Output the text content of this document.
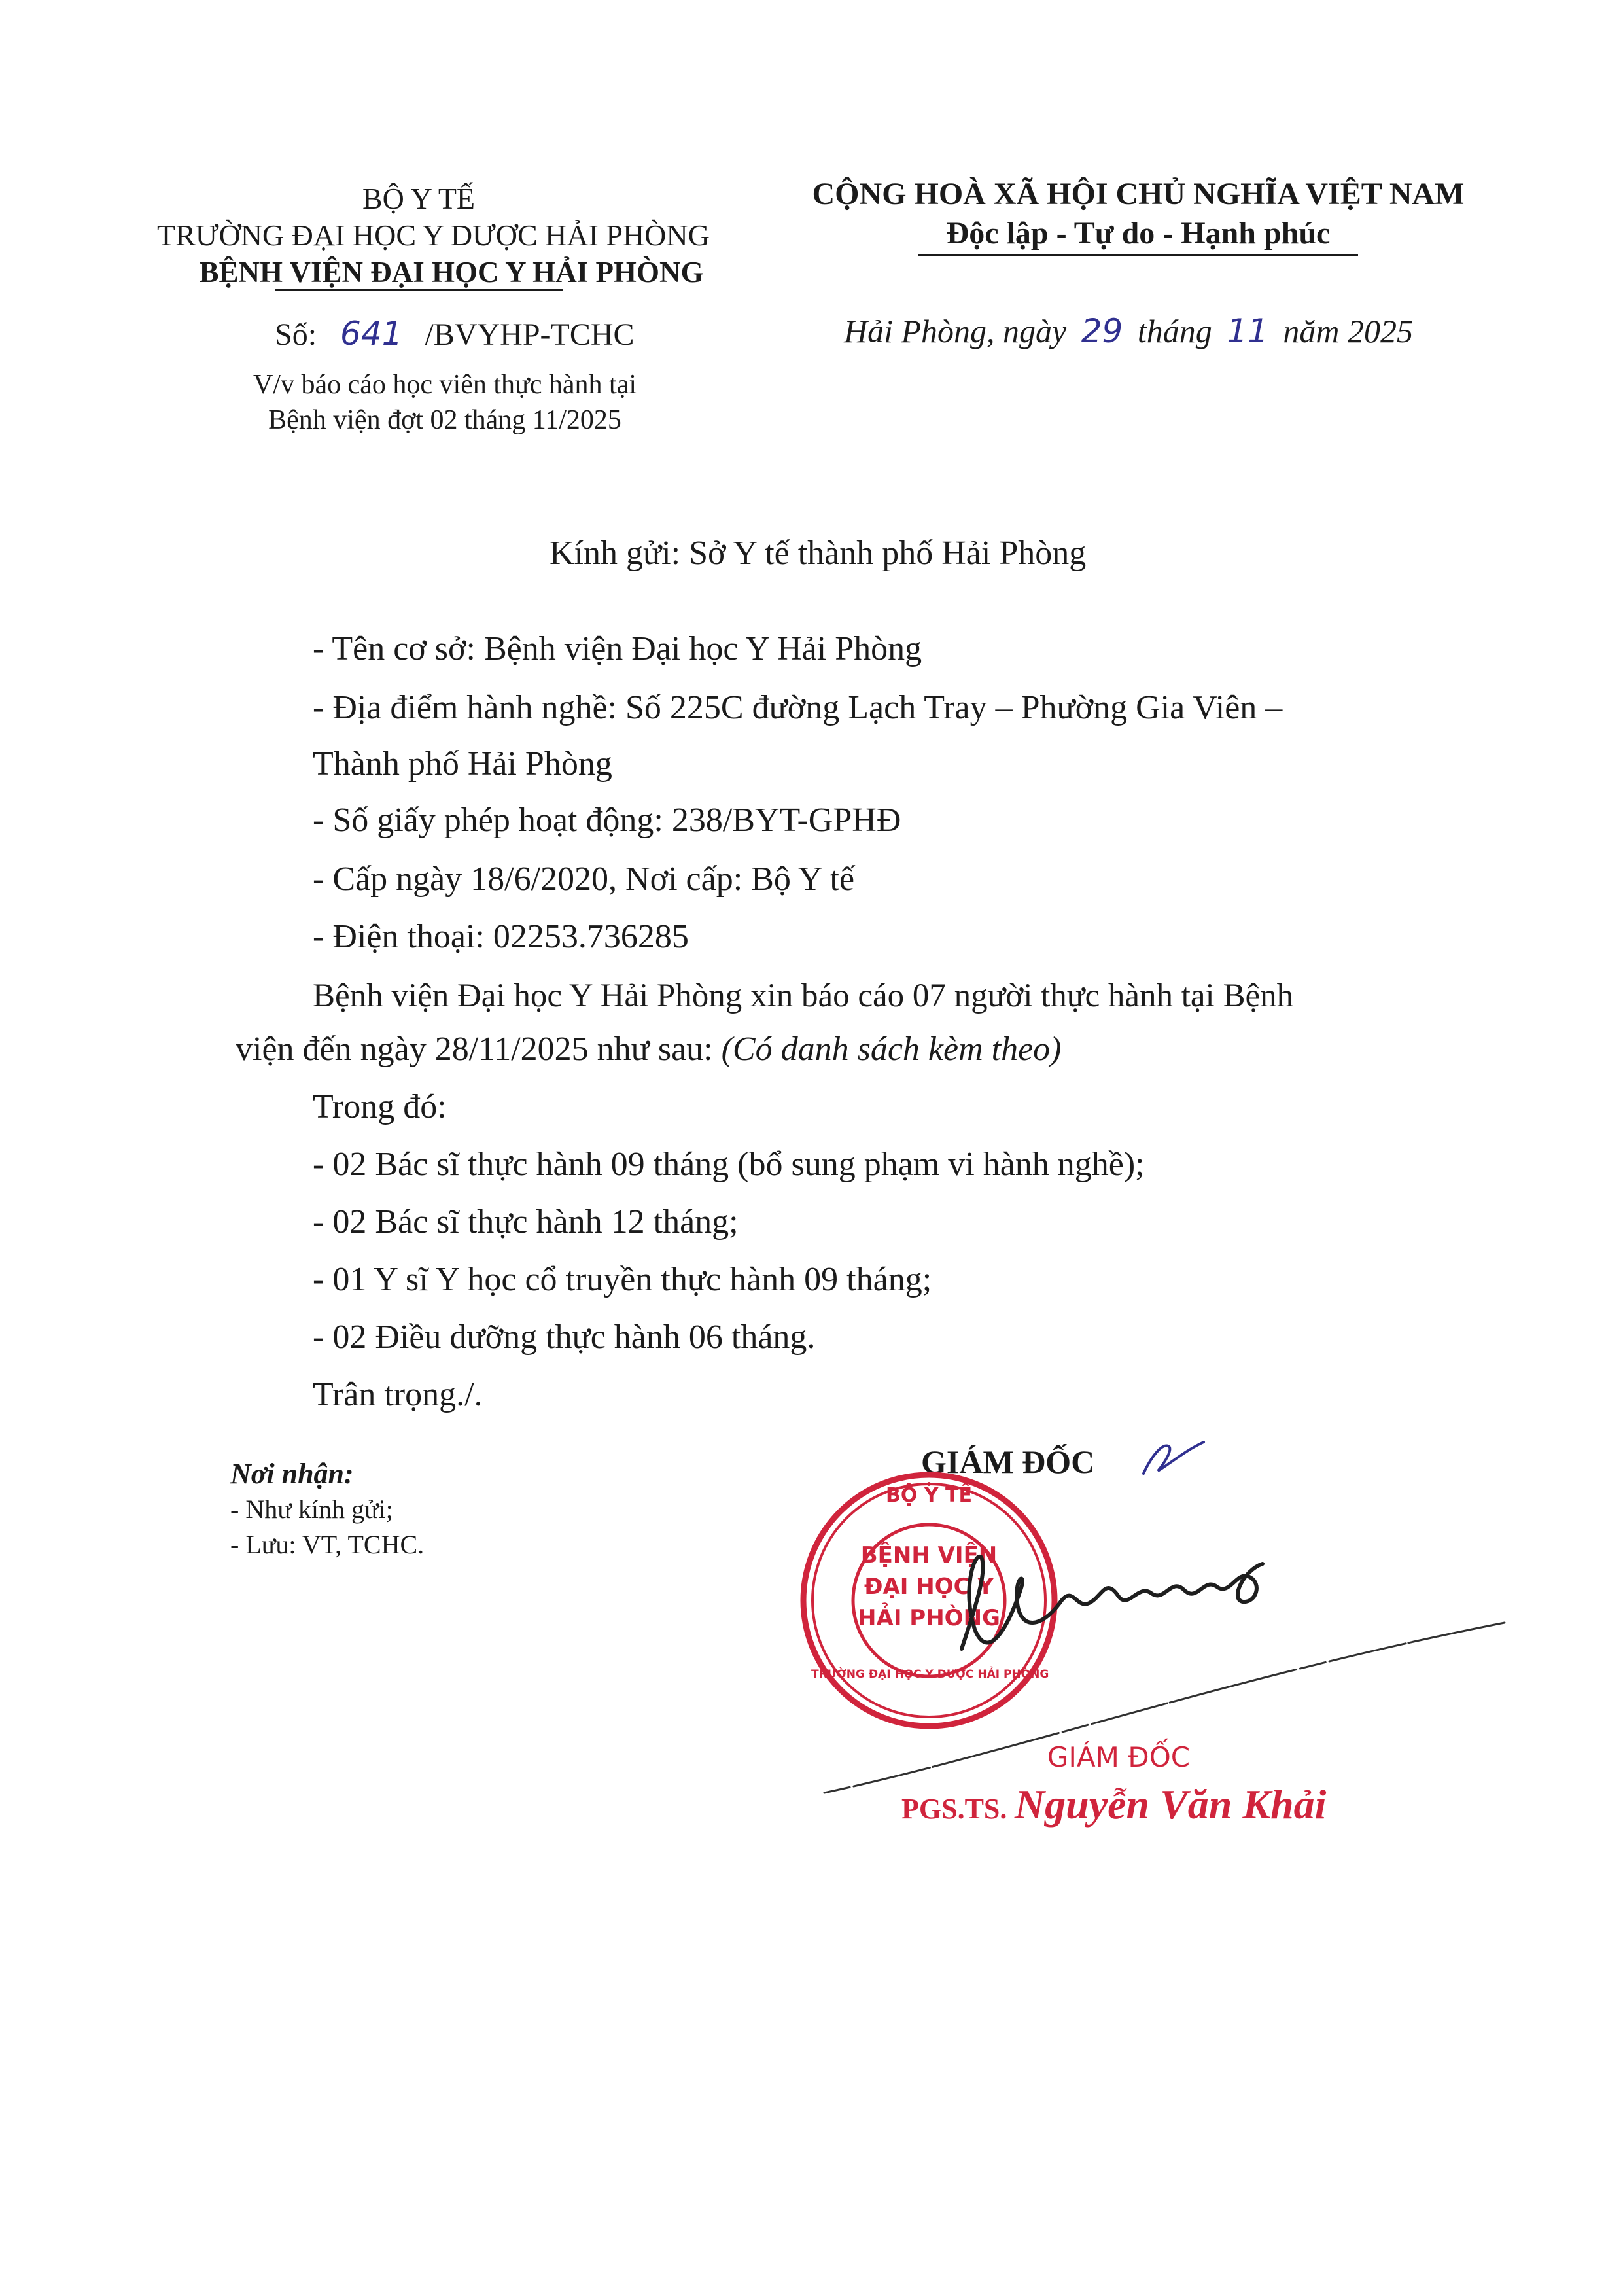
BỘ Y TẾ
TRƯỜNG ĐẠI HỌC Y DƯỢC HẢI PHÒNG
BỆNH VIỆN ĐẠI HỌC Y HẢI PHÒNG
Số: 641 /BVYHP-TCHC
V/v báo cáo học viên thực hành tại
Bệnh viện đợt 02 tháng 11/2025
CỘNG HOÀ XÃ HỘI CHỦ NGHĨA VIỆT NAM
Độc lập - Tự do - Hạnh phúc
Hải Phòng, ngày 29 tháng 11 năm 2025
Kính gửi: Sở Y tế thành phố Hải Phòng
- Tên cơ sở: Bệnh viện Đại học Y Hải Phòng
- Địa điểm hành nghề: Số 225C đường Lạch Tray – Phường Gia Viên –
Thành phố Hải Phòng
- Số giấy phép hoạt động: 238/BYT-GPHĐ
- Cấp ngày 18/6/2020, Nơi cấp: Bộ Y tế
- Điện thoại: 02253.736285
Bệnh viện Đại học Y Hải Phòng xin báo cáo 07 người thực hành tại Bệnh
viện đến ngày 28/11/2025 như sau: (Có danh sách kèm theo)
Trong đó:
- 02 Bác sĩ thực hành 09 tháng (bổ sung phạm vi hành nghề);
- 02 Bác sĩ thực hành 12 tháng;
- 01 Y sĩ Y học cổ truyền thực hành 09 tháng;
- 02 Điều dưỡng thực hành 06 tháng.
Trân trọng./.
Nơi nhận:
- Như kính gửi;
- Lưu: VT, TCHC.
GIÁM ĐỐC
BỘ Y TẾ
BỆNH VIỆN
ĐẠI HỌC Y
HẢI PHÒNG
TRƯỜNG ĐẠI HỌC Y DƯỢC HẢI PHÒNG
GIÁM ĐỐC
PGS.TS. Nguyễn Văn Khải
